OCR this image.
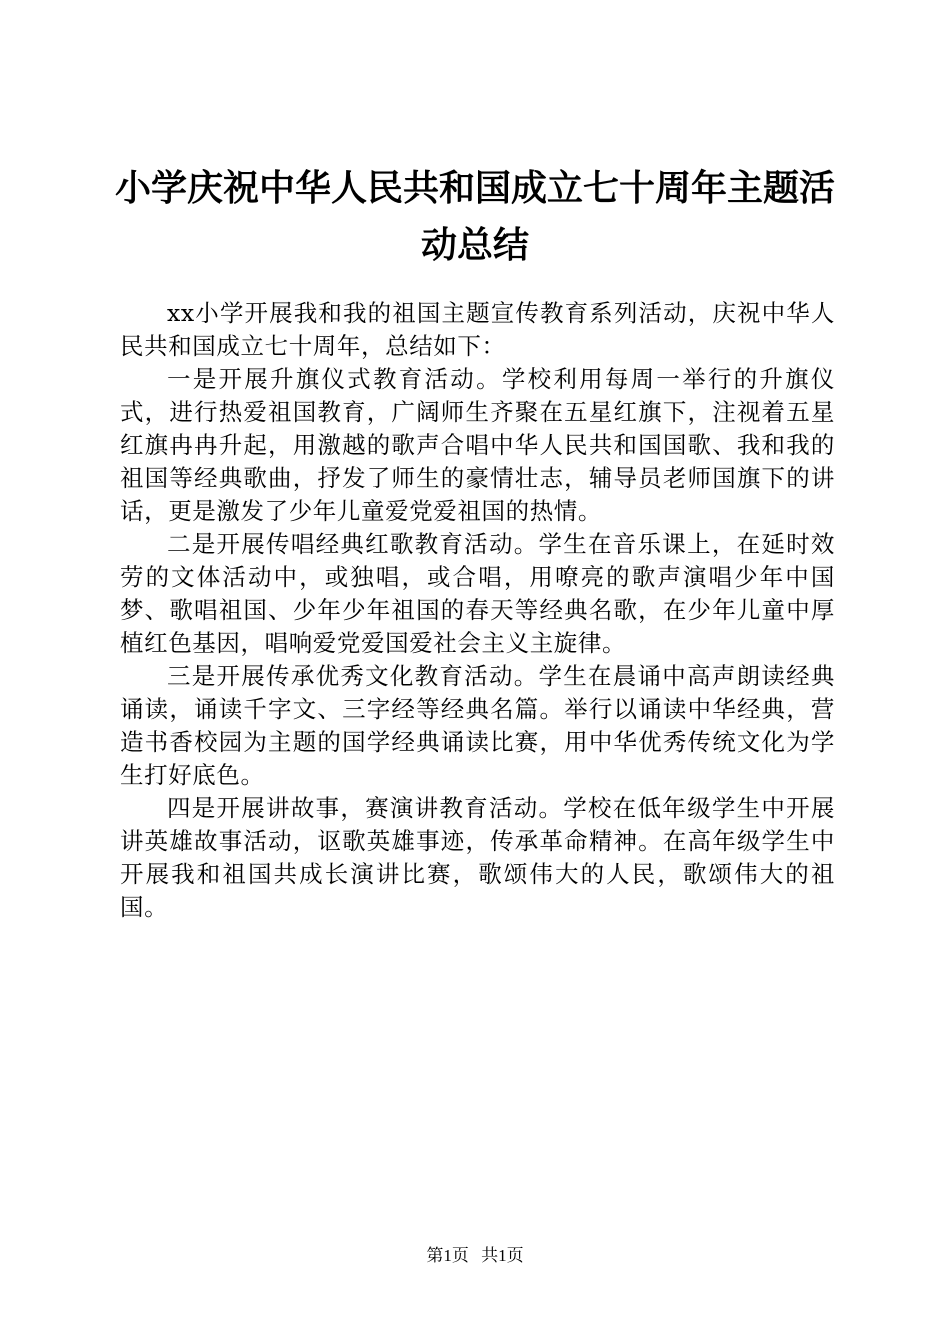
小学庆祝中华人民共和国成立七十周年主题活动总结

xx小学开展我和我的祖国主题宣传教育系列活动，庆祝中华人民共和国成立七十周年，总结如下：

一是开展升旗仪式教育活动。学校利用每周一举行的升旗仪式，进行热爱祖国教育，广阔师生齐聚在五星红旗下，注视着五星红旗冉冉升起，用激越的歌声合唱中华人民共和国国歌、我和我的祖国等经典歌曲，抒发了师生的豪情壮志，辅导员老师国旗下的讲话，更是激发了少年儿童爱党爱祖国的热情。

二是开展传唱经典红歌教育活动。学生在音乐课上，在延时效劳的文体活动中，或独唱，或合唱，用嘹亮的歌声演唱少年中国梦、歌唱祖国、少年少年祖国的春天等经典名歌，在少年儿童中厚植红色基因，唱响爱党爱国爱社会主义主旋律。

三是开展传承优秀文化教育活动。学生在晨诵中高声朗读经典诵读，诵读千字文、三字经等经典名篇。举行以诵读中华经典，营造书香校园为主题的国学经典诵读比赛，用中华优秀传统文化为学生打好底色。

四是开展讲故事，赛演讲教育活动。学校在低年级学生中开展讲英雄故事活动，讴歌英雄事迹，传承革命精神。在高年级学生中开展我和祖国共成长演讲比赛，歌颂伟大的人民，歌颂伟大的祖国。

第1页 共1页
